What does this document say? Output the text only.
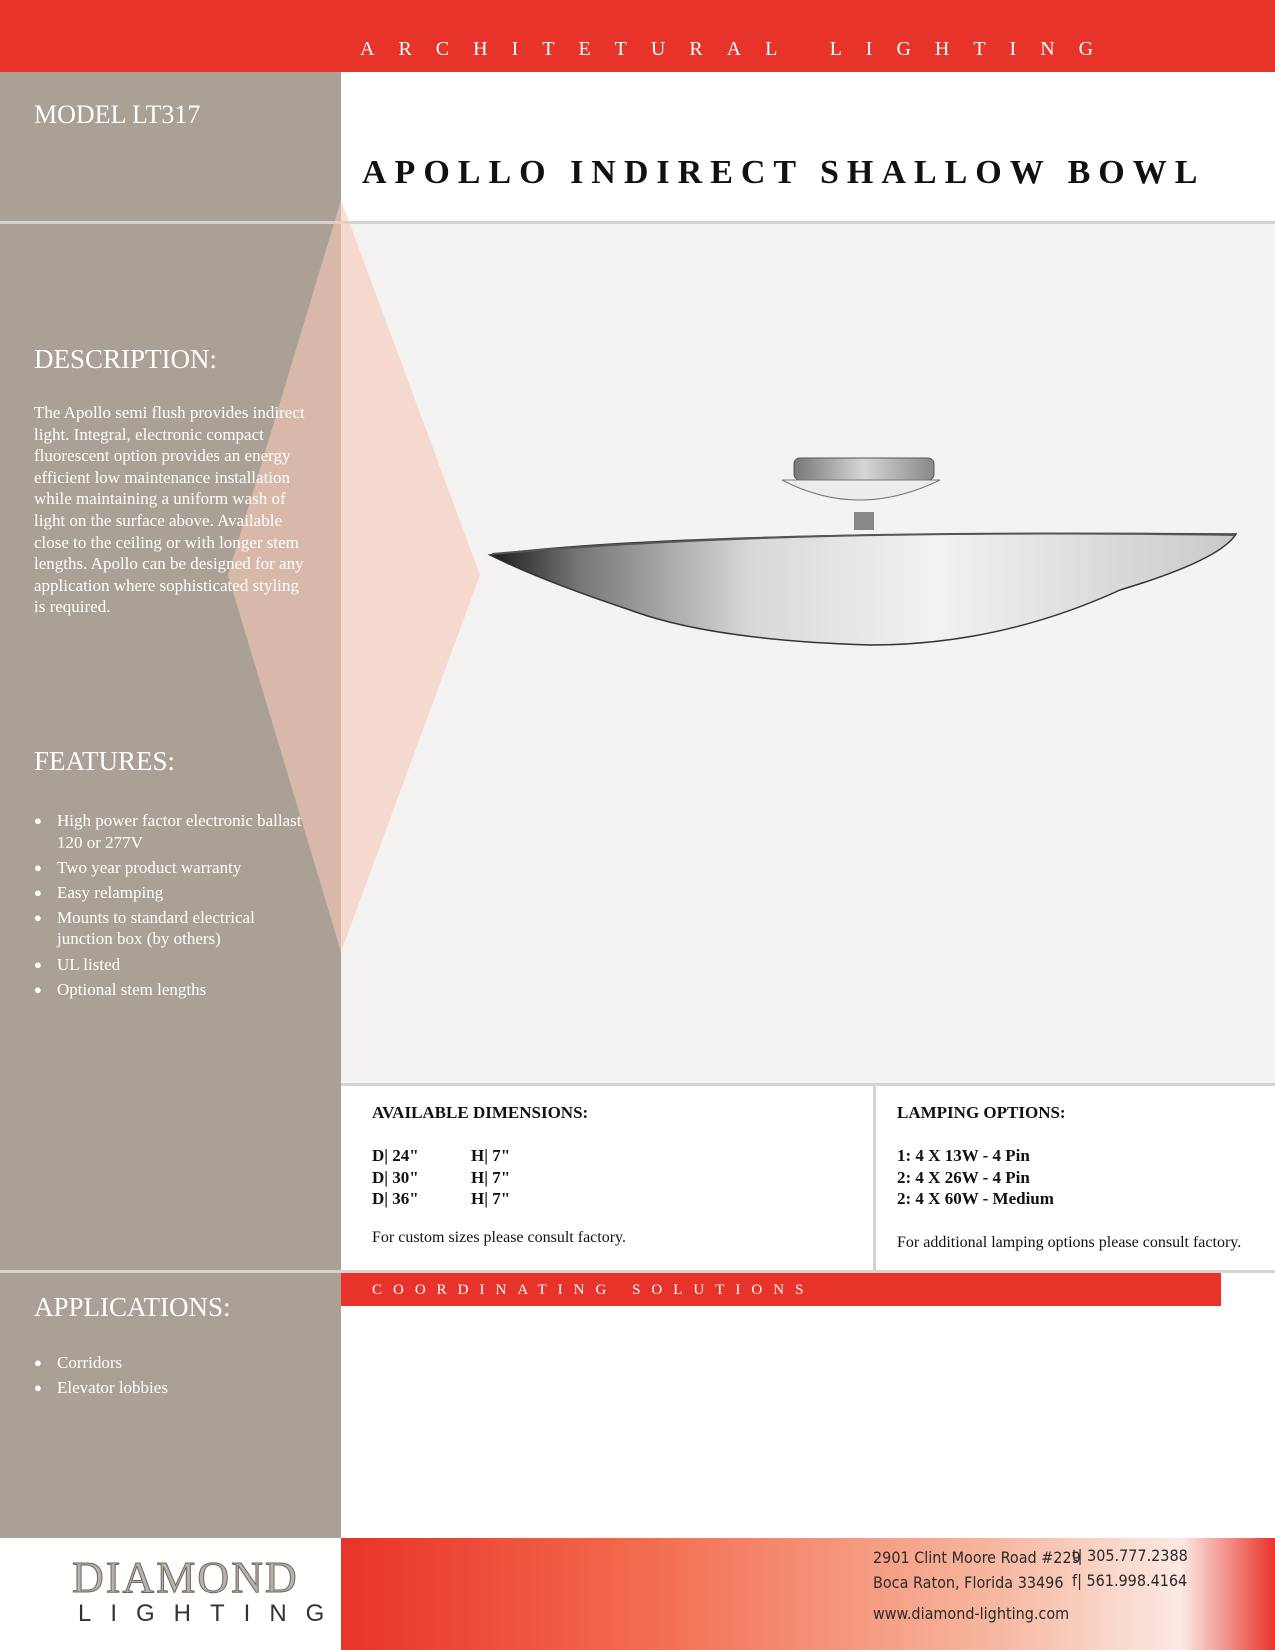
ARCHITETURAL LIGHTING
MODEL LT317
APOLLO INDIRECT SHALLOW BOWL
DESCRIPTION:
The Apollo semi flush provides indirect light. Integral, electronic compact fluorescent option provides an energy efficient low maintenance installation while maintaining a uniform wash of light on the surface above. Available close to the ceiling or with longer stem lengths. Apollo can be designed for any application where sophisticated styling is required.
FEATURES:
● High power factor electronic ballast 120 or 277V
● Two year product warranty
● Easy relamping
● Mounts to standard electrical junction box (by others)
● UL listed
● Optional stem lengths
AVAILABLE DIMENSIONS:
D| 24"	H| 7"
D| 30"	H| 7"
D| 36"	H| 7"
For custom sizes please consult factory.
LAMPING OPTIONS:
1: 4 X 13W - 4 Pin
2: 4 X 26W - 4 Pin
2: 4 X 60W - Medium
For additional lamping options please consult factory.
COORDINATING SOLUTIONS
APPLICATIONS:
● Corridors
● Elevator lobbies
DIAMOND
LIGHTING
2901 Clint Moore Road #229
Boca Raton, Florida 33496
www.diamond-lighting.com
t| 305.777.2388
f| 561.998.4164
